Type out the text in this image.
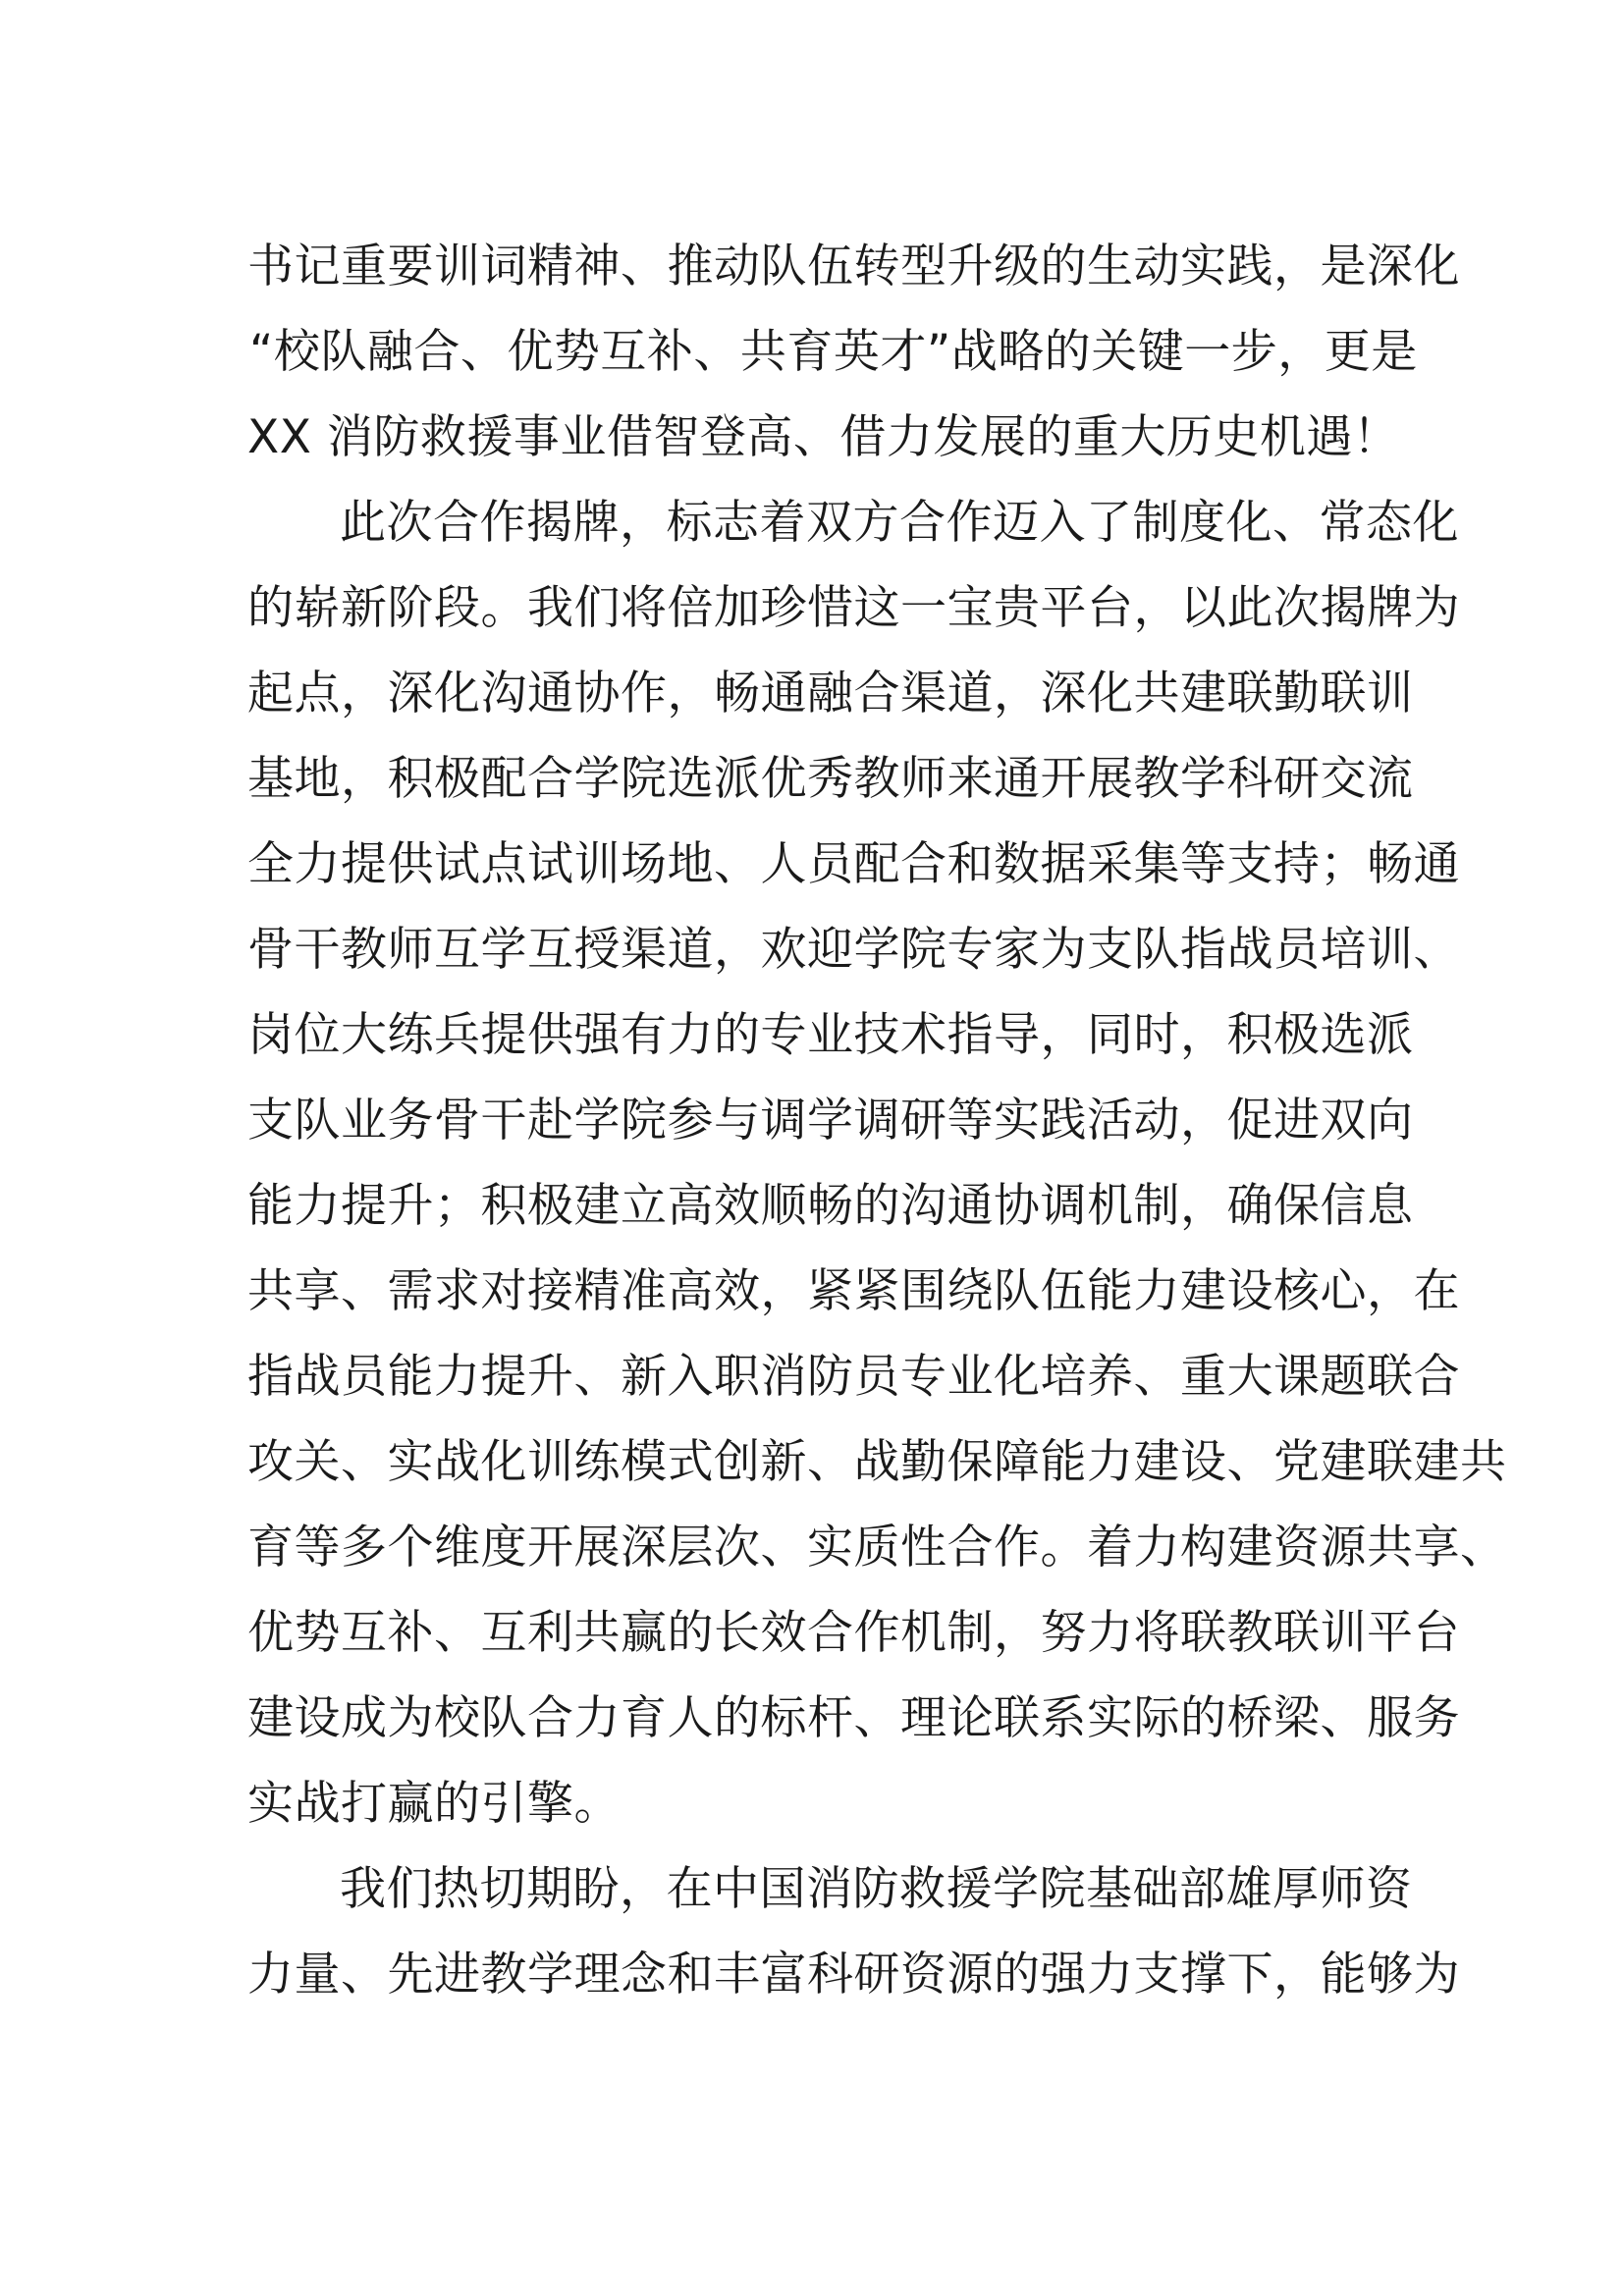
书记重要训词精神、推动队伍转型升级的生动实践，是深化
“校队融合、优势互补、共育英才”战略的关键一步，更是
XX 消防救援事业借智登高、借力发展的重大历史机遇！
此次合作揭牌，标志着双方合作迈入了制度化、常态化
的崭新阶段。我们将倍加珍惜这一宝贵平台，以此次揭牌为
起点，深化沟通协作，畅通融合渠道，深化共建联勤联训
基地，积极配合学院选派优秀教师来通开展教学科研交流
全力提供试点试训场地、人员配合和数据采集等支持；畅通
骨干教师互学互授渠道，欢迎学院专家为支队指战员培训、
岗位大练兵提供强有力的专业技术指导，同时，积极选派
支队业务骨干赴学院参与调学调研等实践活动，促进双向
能力提升；积极建立高效顺畅的沟通协调机制，确保信息
共享、需求对接精准高效，紧紧围绕队伍能力建设核心，在
指战员能力提升、新入职消防员专业化培养、重大课题联合
攻关、实战化训练模式创新、战勤保障能力建设、党建联建共
育等多个维度开展深层次、实质性合作。着力构建资源共享、
优势互补、互利共赢的长效合作机制，努力将联教联训平台
建设成为校队合力育人的标杆、理论联系实际的桥梁、服务
实战打赢的引擎。
我们热切期盼，在中国消防救援学院基础部雄厚师资
力量、先进教学理念和丰富科研资源的强力支撑下，能够为
